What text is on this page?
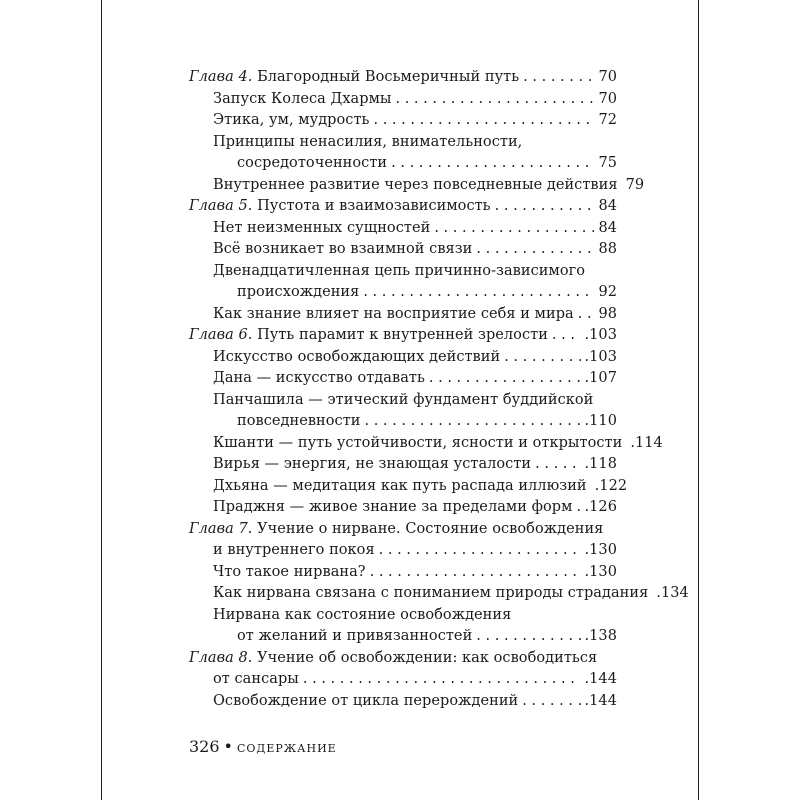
Глава 4. Благородный Восьмеричный путь . . .	70
Запуск Колеса Дхармы . . .	70
Этика, ум, мудрость . . .	72
Принципы ненасилия, внимательности,
сосредоточенности . . .	75
Внутреннее развитие через повседневные действия 79
Глава 5. Пустота и взаимозависимость . . .	84
Нет неизменных сущностей . . .	84
Всё возникает во взаимной связи . . .	88
Двенадцатичленная цепь причинно-зависимого
происхождения . . .	92
Как знание влияет на восприятие себя и мира . . . 98
Глава 6. Путь парамит к внутренней зрелости . . .	.103
Искусство освобождающих действий . . .	.103
Дана — искусство отдавать . . .	.107
Панчашила — этический фундамент буддийской
повседневности . . .	.110
Кшанти — путь устойчивости, ясности и открытости .114
Вирья — энергия, не знающая усталости . . .	.118
Дхьяна — медитация как путь распада иллюзий .122
Праджня — живое знание за пределами форм . . . .126
Глава 7. Учение о нирване. Состояние освобождения
и внутреннего покоя . . .	.130
Что такое нирвана? . . .	.130
Как нирвана связана с пониманием природы страдания .134
Нирвана как состояние освобождения
от желаний и привязанностей . . .	.138
Глава 8. Учение об освобождении: как освободиться
от сансары . . .	.144
Освобождение от цикла перерождений . . .	.144
326 • СОДЕРЖАНИЕ
